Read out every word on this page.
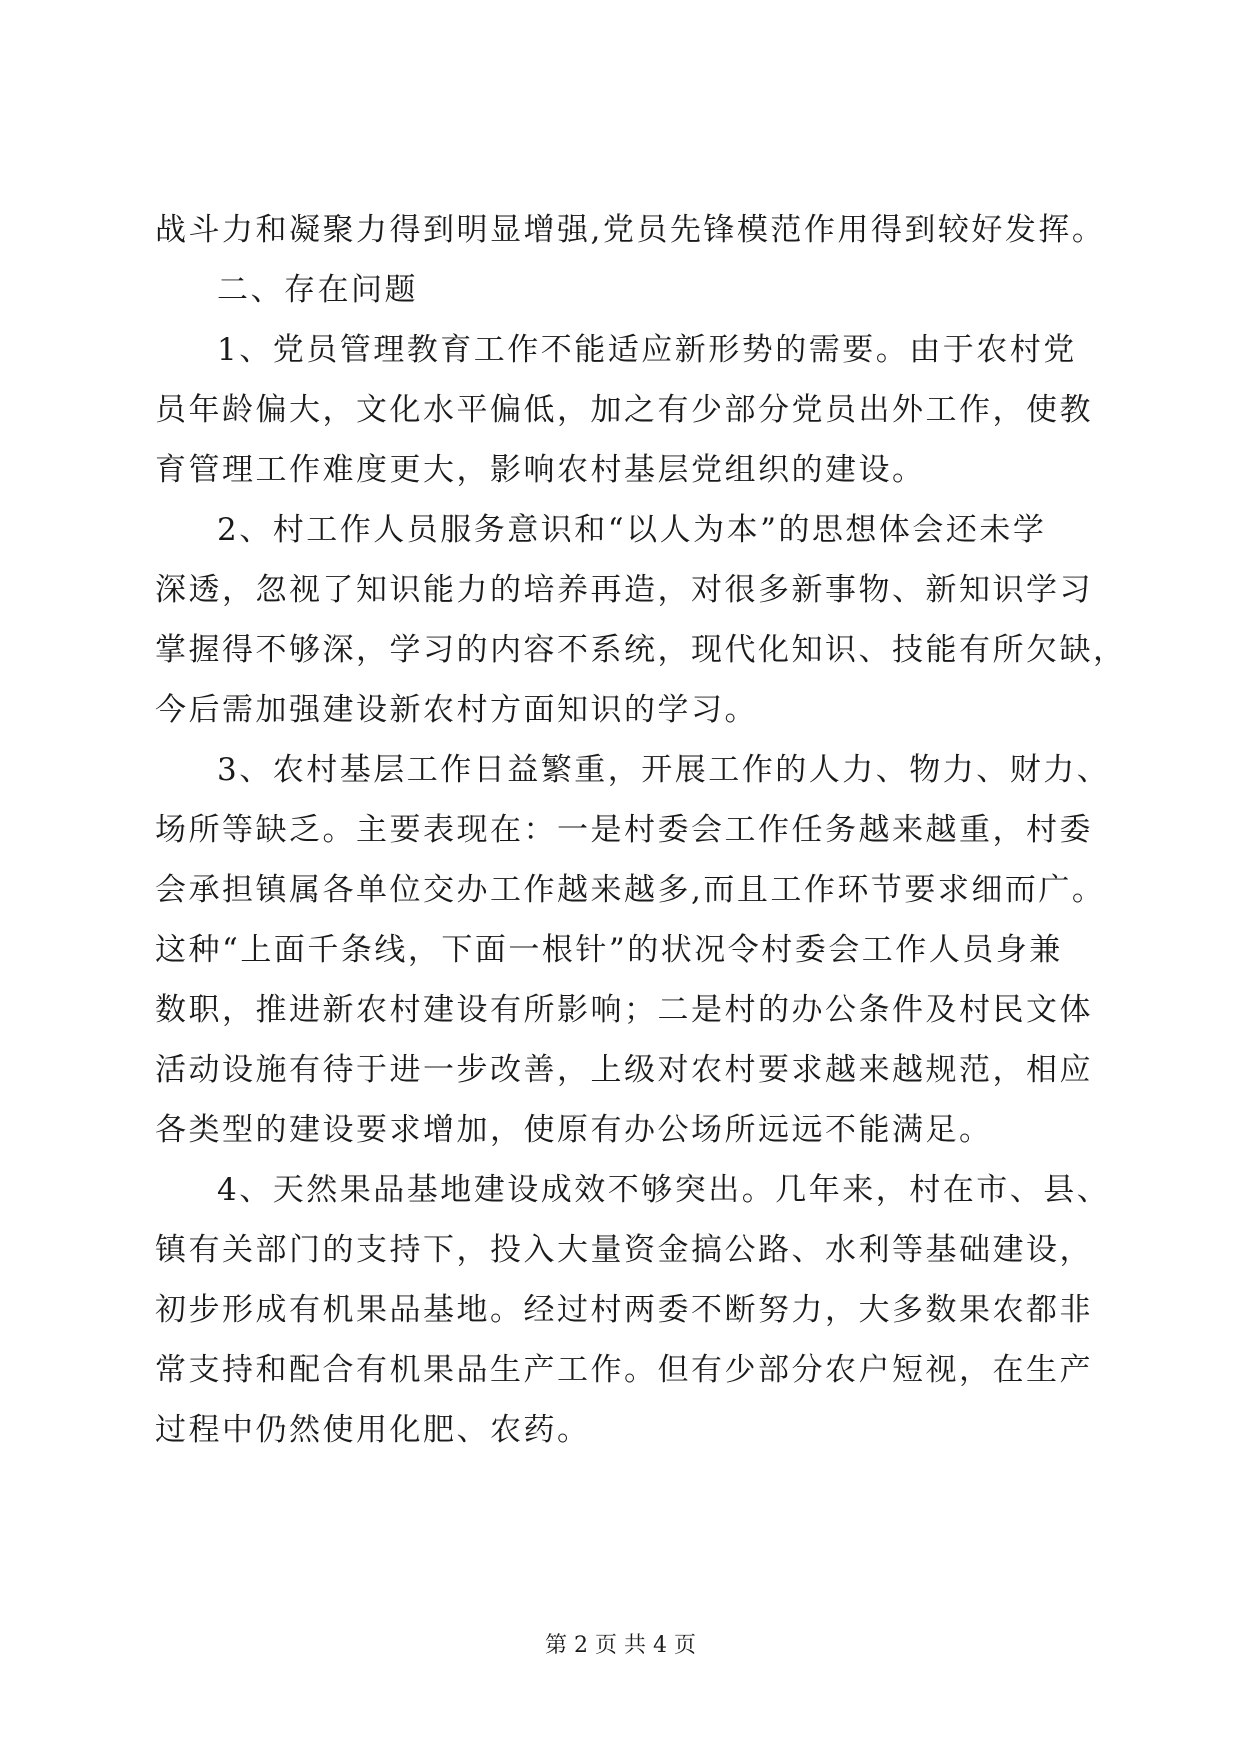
战斗力和凝聚力得到明显增强,党员先锋模范作用得到较好发挥。
二、存在问题
1、党员管理教育工作不能适应新形势的需要。由于农村党
员年龄偏大，文化水平偏低，加之有少部分党员出外工作，使教
育管理工作难度更大，影响农村基层党组织的建设。
2、村工作人员服务意识和“以人为本”的思想体会还未学
深透，忽视了知识能力的培养再造，对很多新事物、新知识学习
掌握得不够深，学习的内容不系统，现代化知识、技能有所欠缺，
今后需加强建设新农村方面知识的学习。
3、农村基层工作日益繁重，开展工作的人力、物力、财力、
场所等缺乏。主要表现在：一是村委会工作任务越来越重，村委
会承担镇属各单位交办工作越来越多,而且工作环节要求细而广。
这种“上面千条线，下面一根针”的状况令村委会工作人员身兼
数职，推进新农村建设有所影响；二是村的办公条件及村民文体
活动设施有待于进一步改善，上级对农村要求越来越规范，相应
各类型的建设要求增加，使原有办公场所远远不能满足。
4、天然果品基地建设成效不够突出。几年来，村在市、县、
镇有关部门的支持下，投入大量资金搞公路、水利等基础建设，
初步形成有机果品基地。经过村两委不断努力，大多数果农都非
常支持和配合有机果品生产工作。但有少部分农户短视，在生产
过程中仍然使用化肥、农药。
第 2 页 共 4 页
